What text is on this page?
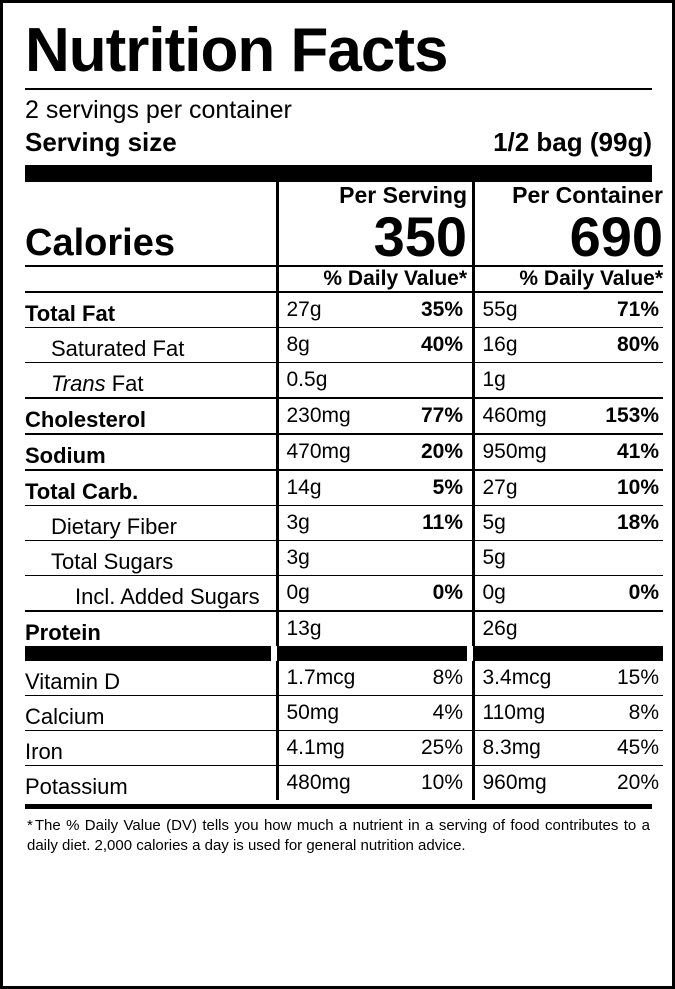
Nutrition Facts
2 servings per container
Serving size	1/2 bag (99g)
		Per Serving		Per Container
Calories		350		690
		% Daily Value*		% Daily Value*
Total Fat		27g 35%		55g 71%

Saturated Fat		8g 40%		16g 80%

Trans Fat		0.5g		1g

Cholesterol		230mg 77%		460mg 153%

Sodium		470mg 20%		950mg 41%

Total Carb.		14g 5%		27g 10%

Dietary Fiber		3g 11%		5g 18%

Total Sugars		3g		5g

Incl. Added Sugars		0g 0%		0g 0%

Protein		13g		26g

Vitamin D		1.7mcg 8%		3.4mcg 15%

Calcium		50mg 4%		110mg 8%

Iron		4.1mg 25%		8.3mg 45%

Potassium		480mg 10%		960mg 20%
* The % Daily Value (DV) tells you how much a nutrient in a serving of food contributes to a daily diet. 2,000 calories a day is used for general nutrition advice.
